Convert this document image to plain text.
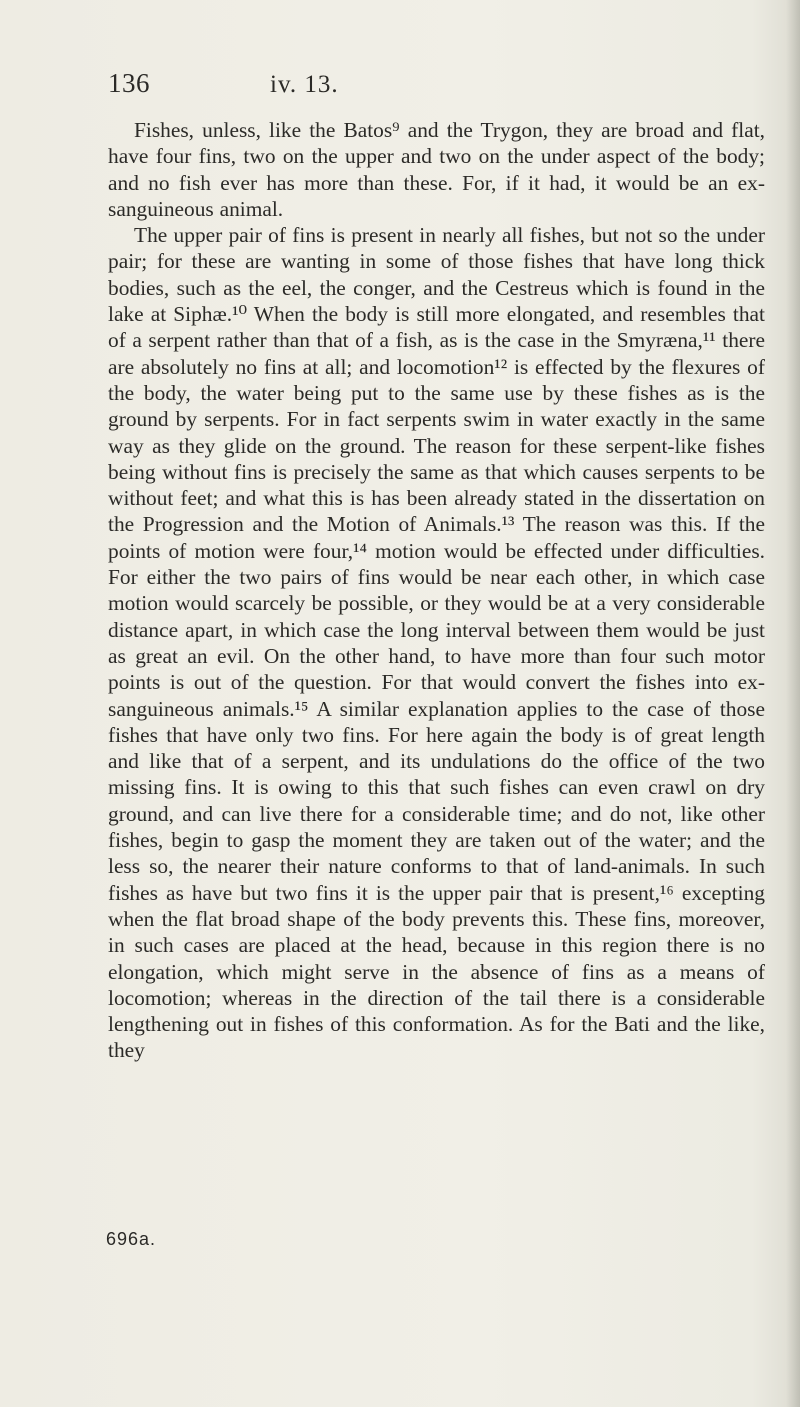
136	iv. 13.

Fishes, unless, like the Batos⁹ and the Trygon, they are broad and flat, have four fins, two on the upper and two on the under aspect of the body; and no fish ever has more than these. For, if it had, it would be an ex-sanguineous animal.

The upper pair of fins is present in nearly all fishes, but not so the under pair; for these are wanting in some of those fishes that have long thick bodies, such as the eel, the conger, and the Cestreus which is found in the lake at Siphæ.¹⁰ When the body is still more elongated, and resembles that of a serpent rather than that of a fish, as is the case in the Smyræna,¹¹ there are absolutely no fins at all; and locomotion¹² is effected by the flexures of the body, the water being put to the same use by these fishes as is the ground by serpents. For in fact serpents swim in water exactly in the same way as they glide on the ground. The reason for these serpent-like fishes being without fins is precisely the same as that which causes serpents to be without feet; and what this is has been already stated in the dissertation on the Progression and the Motion of Animals.¹³ The reason was this. If the points of motion were four,¹⁴ motion would be effected under difficulties. For either the two pairs of fins would be near each other, in which case motion would scarcely be possible, or they would be at a very considerable distance apart, in which case the long interval between them would be just as great an evil. On the other hand, to have more than four such motor points is out of the question. For that would convert the fishes into ex-sanguineous animals.¹⁵ A similar explanation applies to the case of those fishes that have only two fins. For here again the body is of great length and like that of a serpent, and its undulations do the office of the two missing fins. It is owing to this that such fishes can even crawl on dry ground, and can live there for a considerable time; and do not, like other fishes, begin to gasp the moment they are taken out of the water; and the less so, the nearer their nature conforms to that of land-animals. In such fishes as have but two fins it is the upper pair that is present,¹⁶ excepting when the flat broad shape of the body prevents this. These fins, moreover, in such cases are placed at the head, because in this region there is no elongation, which might serve in the absence of fins as a means of locomotion; whereas in the direction of the tail there is a considerable lengthening out in fishes of this conformation. As for the Bati and the like, they

696a.
